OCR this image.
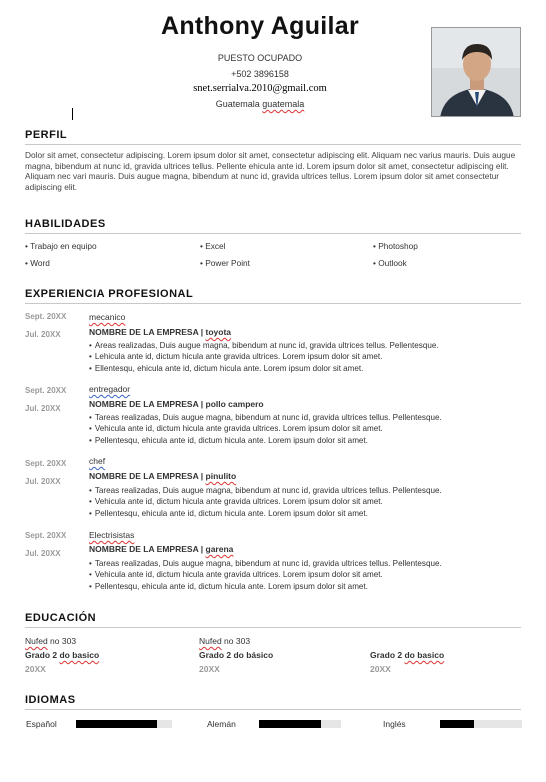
Anthony Aguilar
PUESTO OCUPADO
+502 3896158
snet.serrialva.2010@gmail.com
Guatemala guatemala
PERFIL
Dolor sit amet, consectetur adipiscing. Lorem ipsum dolor sit amet, consectetur adipiscing elit. Aliquam nec varius mauris. Duis augue magna, bibendum at nunc id, gravida ultrices tellus. Pellente ehicula ante id. Lorem ipsum dolor sit amet, consectetur adipiscing elit. Aliquam nec vari mauris. Duis augue magna, bibendum at nunc id, gravida ultrices tellus. Lorem ipsum dolor sit amet consectetur adipiscing elit.
HABILIDADES
• Trabajo en equipo	• Excel	• Photoshop
• Word	• Power Point	• Outlook
EXPERIENCIA PROFESIONAL
Sept. 20XX
Jul. 20XX
mecanico
NOMBRE DE LA EMPRESA | toyota
• Areas realizadas, Duis augue magna, bibendum at nunc id, gravida ultrices tellus. Pellentesque.
• Lehicula ante id, dictum hicula ante gravida ultrices. Lorem ipsum dolor sit amet.
• Ellentesqu, ehicula ante id, dictum hicula ante. Lorem ipsum dolor sit amet.
Sept. 20XX
Jul. 20XX
entregador
NOMBRE DE LA EMPRESA | pollo campero
• Tareas realizadas, Duis augue magna, bibendum at nunc id, gravida ultrices tellus. Pellentesque.
• Vehicula ante id, dictum hicula ante gravida ultrices. Lorem ipsum dolor sit amet.
• Pellentesqu, ehicula ante id, dictum hicula ante. Lorem ipsum dolor sit amet.
Sept. 20XX
Jul. 20XX
chef
NOMBRE DE LA EMPRESA | pinulito
• Tareas realizadas, Duis augue magna, bibendum at nunc id, gravida ultrices tellus. Pellentesque.
• Vehicula ante id, dictum hicula ante gravida ultrices. Lorem ipsum dolor sit amet.
• Pellentesqu, ehicula ante id, dictum hicula ante. Lorem ipsum dolor sit amet.
Sept. 20XX
Jul. 20XX
Electrisistas
NOMBRE DE LA EMPRESA | garena
• Tareas realizadas, Duis augue magna, bibendum at nunc id, gravida ultrices tellus. Pellentesque.
• Vehicula ante id, dictum hicula ante gravida ultrices. Lorem ipsum dolor sit amet.
• Pellentesqu, ehicula ante id, dictum hicula ante. Lorem ipsum dolor sit amet.
EDUCACIÓN
Nufed no 303
Grado 2 do basico
20XX
Nufed no 303
Grado 2 do básico
20XX
Grado 2 do basico
20XX
IDIOMAS
Español	Alemán	Inglés
